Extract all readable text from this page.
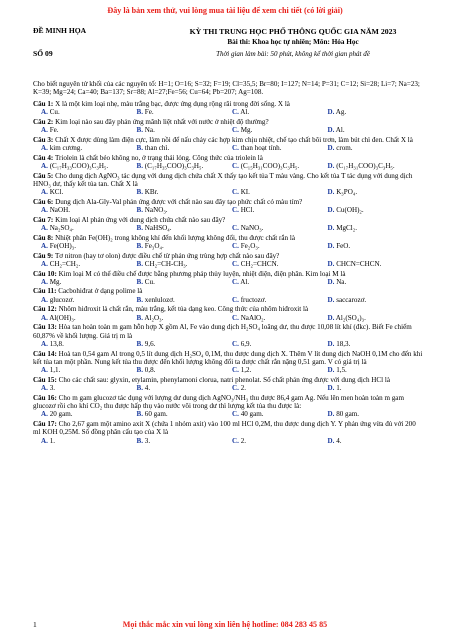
Đây là bản xem thử, vui lòng mua tài liệu để xem chi tiết (có lời giải)
ĐỀ MINH HỌA
SỐ 09
KỲ THI TRUNG HỌC PHỔ THÔNG QUỐC GIA NĂM 2023
Bài thi: Khoa học tự nhiên; Môn: Hóa Học
Thời gian làm bài: 50 phút, không kể thời gian phát đề
Cho biết nguyên tử khối của các nguyên tố: H=1; O=16; S=32; F=19; Cl=35,5; Br=80; I=127; N=14; P=31; C=12; Si=28; Li=7; Na=23; K=39; Mg=24; Ca=40; Ba=137; Sr=88; Al=27;Fe=56; Cu=64; Pb=207; Ag=108.
Câu 1: X là một kim loại nhẹ, màu trắng bạc, được ứng dụng rộng rãi trong đời sống. X là
A. Cu.	B. Fe.	C. Al.	D. Ag.
Câu 2: Kim loại nào sau đây phản ứng mãnh liệt nhất với nước ở nhiệt độ thường?
A. Fe.	B. Na.	C. Mg.	D. Al.
Câu 3: Chất X được dùng làm điện cực, làm nồi để nấu chảy các hợp kim chịu nhiệt, chế tạo chất bôi trơn, làm bút chì đen. Chất X là
A. kim cương.	B. than chì.	C. than hoạt tính.	D. crom.
Câu 4: Triolein là chất béo không no, ở trạng thái lỏng. Công thức của triolein là
A. (C₁₇H₃₃COO)₃C₃H₅.	B. (C₁₇H₃₅COO)₃C₃H₅.	C. (C₁₅H₃₁COO)₃C₃H₅.	D. (C₁₇H₃₁COO)₃C₃H₅.
Câu 5: Cho dung dịch AgNO₃ tác dụng với dung dịch chứa chất X thấy tạo kết tủa T màu vàng. Cho kết tủa T tác dụng với dung dịch HNO₃ dư, thấy kết tủa tan. Chất X là
A. KCl.	B. KBr.	C. KI.	D. K₃PO₄.
Câu 6: Dung dịch Ala-Gly-Val phản ứng được với chất nào sau đây tạo phức chất có màu tím?
A. NaOH.	B. NaNO₃.	C. HCl.	D. Cu(OH)₂.
Câu 7: Kim loại Al phản ứng với dung dịch chứa chất nào sau đây?
A. Na₂SO₄.	B. NaHSO₄.	C. NaNO₃.	D. MgCl₂.
Câu 8: Nhiệt phân Fe(OH)₂ trong không khí đến khối lượng không đổi, thu được chất rắn là
A. Fe(OH)₃.	B. Fe₃O₄.	C. Fe₂O₃.	D. FeO.
Câu 9: Tơ nitron (hay tơ olon) được điều chế từ phản ứng trùng hợp chất nào sau đây?
A. CH₂=CH₂.	B. CH₂=CH-CH₃.	C. CH₂=CHCN.	D. CHCN=CHCN.
Câu 10: Kim loại M có thể điều chế được bằng phương pháp thủy luyện, nhiệt điện, điện phân. Kim loại M là
A. Mg.	B. Cu.	C. Al.	D. Na.
Câu 11: Cacbohiđrat ở dạng polime là
A. glucozơ.	B. xenlulozơ.	C. fructozơ.	D. saccarozơ.
Câu 12: Nhôm hiđroxit là chất rắn, màu trắng, kết tủa dạng keo. Công thức của nhôm hiđroxit là
A. Al(OH)₃.	B. Al₂O₃.	C. NaAlO₂.	D. Al₂(SO₄)₃.
Câu 13: Hòa tan hoàn toàn m gam hỗn hợp X gồm Al, Fe vào dung dịch H₂SO₄ loãng dư, thu được 10,08 lít khí (đkc). Biết Fe chiếm 60,87% về khối lượng. Giá trị m là
A. 13,8.	B. 9,6.	C. 6,9.	D. 18,3.
Câu 14: Hoà tan 0,54 gam Al trong 0,5 lít dung dịch H₂SO₄ 0,1M, thu được dung dịch X. Thêm V lít dung dịch NaOH 0,1M cho đến khi kết tủa tan một phần. Nung kết tủa thu được đến khối lượng không đổi ta được chất rắn nặng 0,51 gam. V có giá trị là
A. 1,1.	B. 0,8.	C. 1,2.	D. 1,5.
Câu 15: Cho các chất sau: glyxin, etylamin, phenylamoni clorua, natri phenolat. Số chất phản ứng được với dung dịch HCl là
A. 3.	B. 4.	C. 2.	D. 1.
Câu 16: Cho m gam glucozơ tác dụng với lượng dư dung dịch AgNO₃/NH₃ thu được 86,4 gam Ag. Nếu lên men hoàn toàn m gam glucozơ rồi cho khí CO₂ thu được hấp thụ vào nước vôi trong dư thì lượng kết tủa thu được là:
A. 20 gam.	B. 60 gam.	C. 40 gam.	D. 80 gam.
Câu 17: Cho 2,67 gam một amino axit X (chứa 1 nhóm axit) vào 100 ml HCl 0,2M, thu được dung dịch Y. Y phản ứng vừa đủ với 200 ml KOH 0,25M. Số đồng phân cấu tạo của X là
A. 1.	B. 3.	C. 2.	D. 4.
1	Mọi thắc mắc xin vui lòng xin liên hệ hotline: 084 283 45 85
